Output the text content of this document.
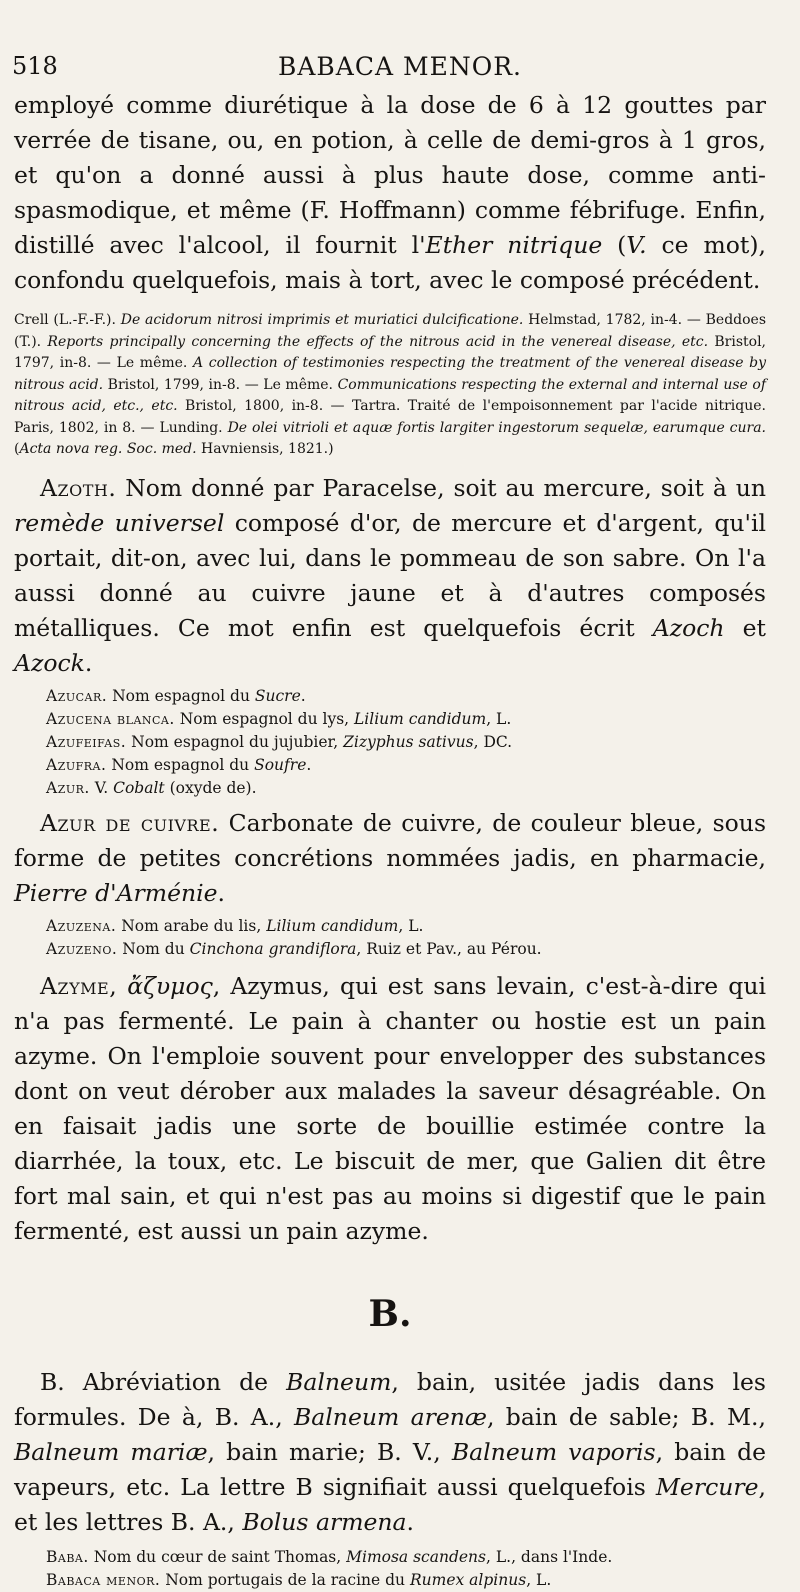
518	BABACA MENOR.

employé comme diurétique à la dose de 6 à 12 gouttes par verrée de tisane, ou, en potion, à celle de demi-gros à 1 gros, et qu'on a donné aussi à plus haute dose, comme anti-spasmodique, et même (F. Hoffmann) comme fébrifuge. Enfin, distillé avec l'alcool, il fournit l'Ether nitrique (V. ce mot), confondu quelquefois, mais à tort, avec le composé précédent.

Crell (L.-F.-F.). De acidorum nitrosi imprimis et muriatici dulcificatione. Helmstad, 1782, in-4. — Beddoes (T.). Reports principally concerning the effects of the nitrous acid in the venereal disease, etc. Bristol, 1797, in-8. — Le même. A collection of testimonies respecting the treatment of the venereal disease by nitrous acid. Bristol, 1799, in-8. — Le même. Communications respecting the external and internal use of nitrous acid, etc., etc. Bristol, 1800, in-8. — Tartra. Traité de l'empoisonnement par l'acide nitrique. Paris, 1802, in 8. — Lunding. De olei vitrioli et aquæ fortis largiter ingestorum sequelæ, earumque cura. (Acta nova reg. Soc. med. Havniensis, 1821.)

Azoth. Nom donné par Paracelse, soit au mercure, soit à un remède universel composé d'or, de mercure et d'argent, qu'il portait, dit-on, avec lui, dans le pommeau de son sabre. On l'a aussi donné au cuivre jaune et à d'autres composés métalliques. Ce mot enfin est quelquefois écrit Azoch et Azock.

Azucar. Nom espagnol du Sucre.

Azucena blanca. Nom espagnol du lys, Lilium candidum, L.

Azufeifas. Nom espagnol du jujubier, Zizyphus sativus, DC.

Azufra. Nom espagnol du Soufre.

Azur. V. Cobalt (oxyde de).

Azur de cuivre. Carbonate de cuivre, de couleur bleue, sous forme de petites concrétions nommées jadis, en pharmacie, Pierre d'Arménie.

Azuzena. Nom arabe du lis, Lilium candidum, L.

Azuzeno. Nom du Cinchona grandiflora, Ruiz et Pav., au Pérou.

Azyme, ἄζυμος, Azymus, qui est sans levain, c'est-à-dire qui n'a pas fermenté. Le pain à chanter ou hostie est un pain azyme. On l'emploie souvent pour envelopper des substances dont on veut dérober aux malades la saveur désagréable. On en faisait jadis une sorte de bouillie estimée contre la diarrhée, la toux, etc. Le biscuit de mer, que Galien dit être fort mal sain, et qui n'est pas au moins si digestif que le pain fermenté, est aussi un pain azyme.

B.

B. Abréviation de Balneum, bain, usitée jadis dans les formules. De à, B. A., Balneum arenæ, bain de sable; B. M., Balneum mariæ, bain marie; B. V., Balneum vaporis, bain de vapeurs, etc. La lettre B signifiait aussi quelquefois Mercure, et les lettres B. A., Bolus armena.

Baba. Nom du cœur de saint Thomas, Mimosa scandens, L., dans l'Inde.

Babaca menor. Nom portugais de la racine du Rumex alpinus, L.
